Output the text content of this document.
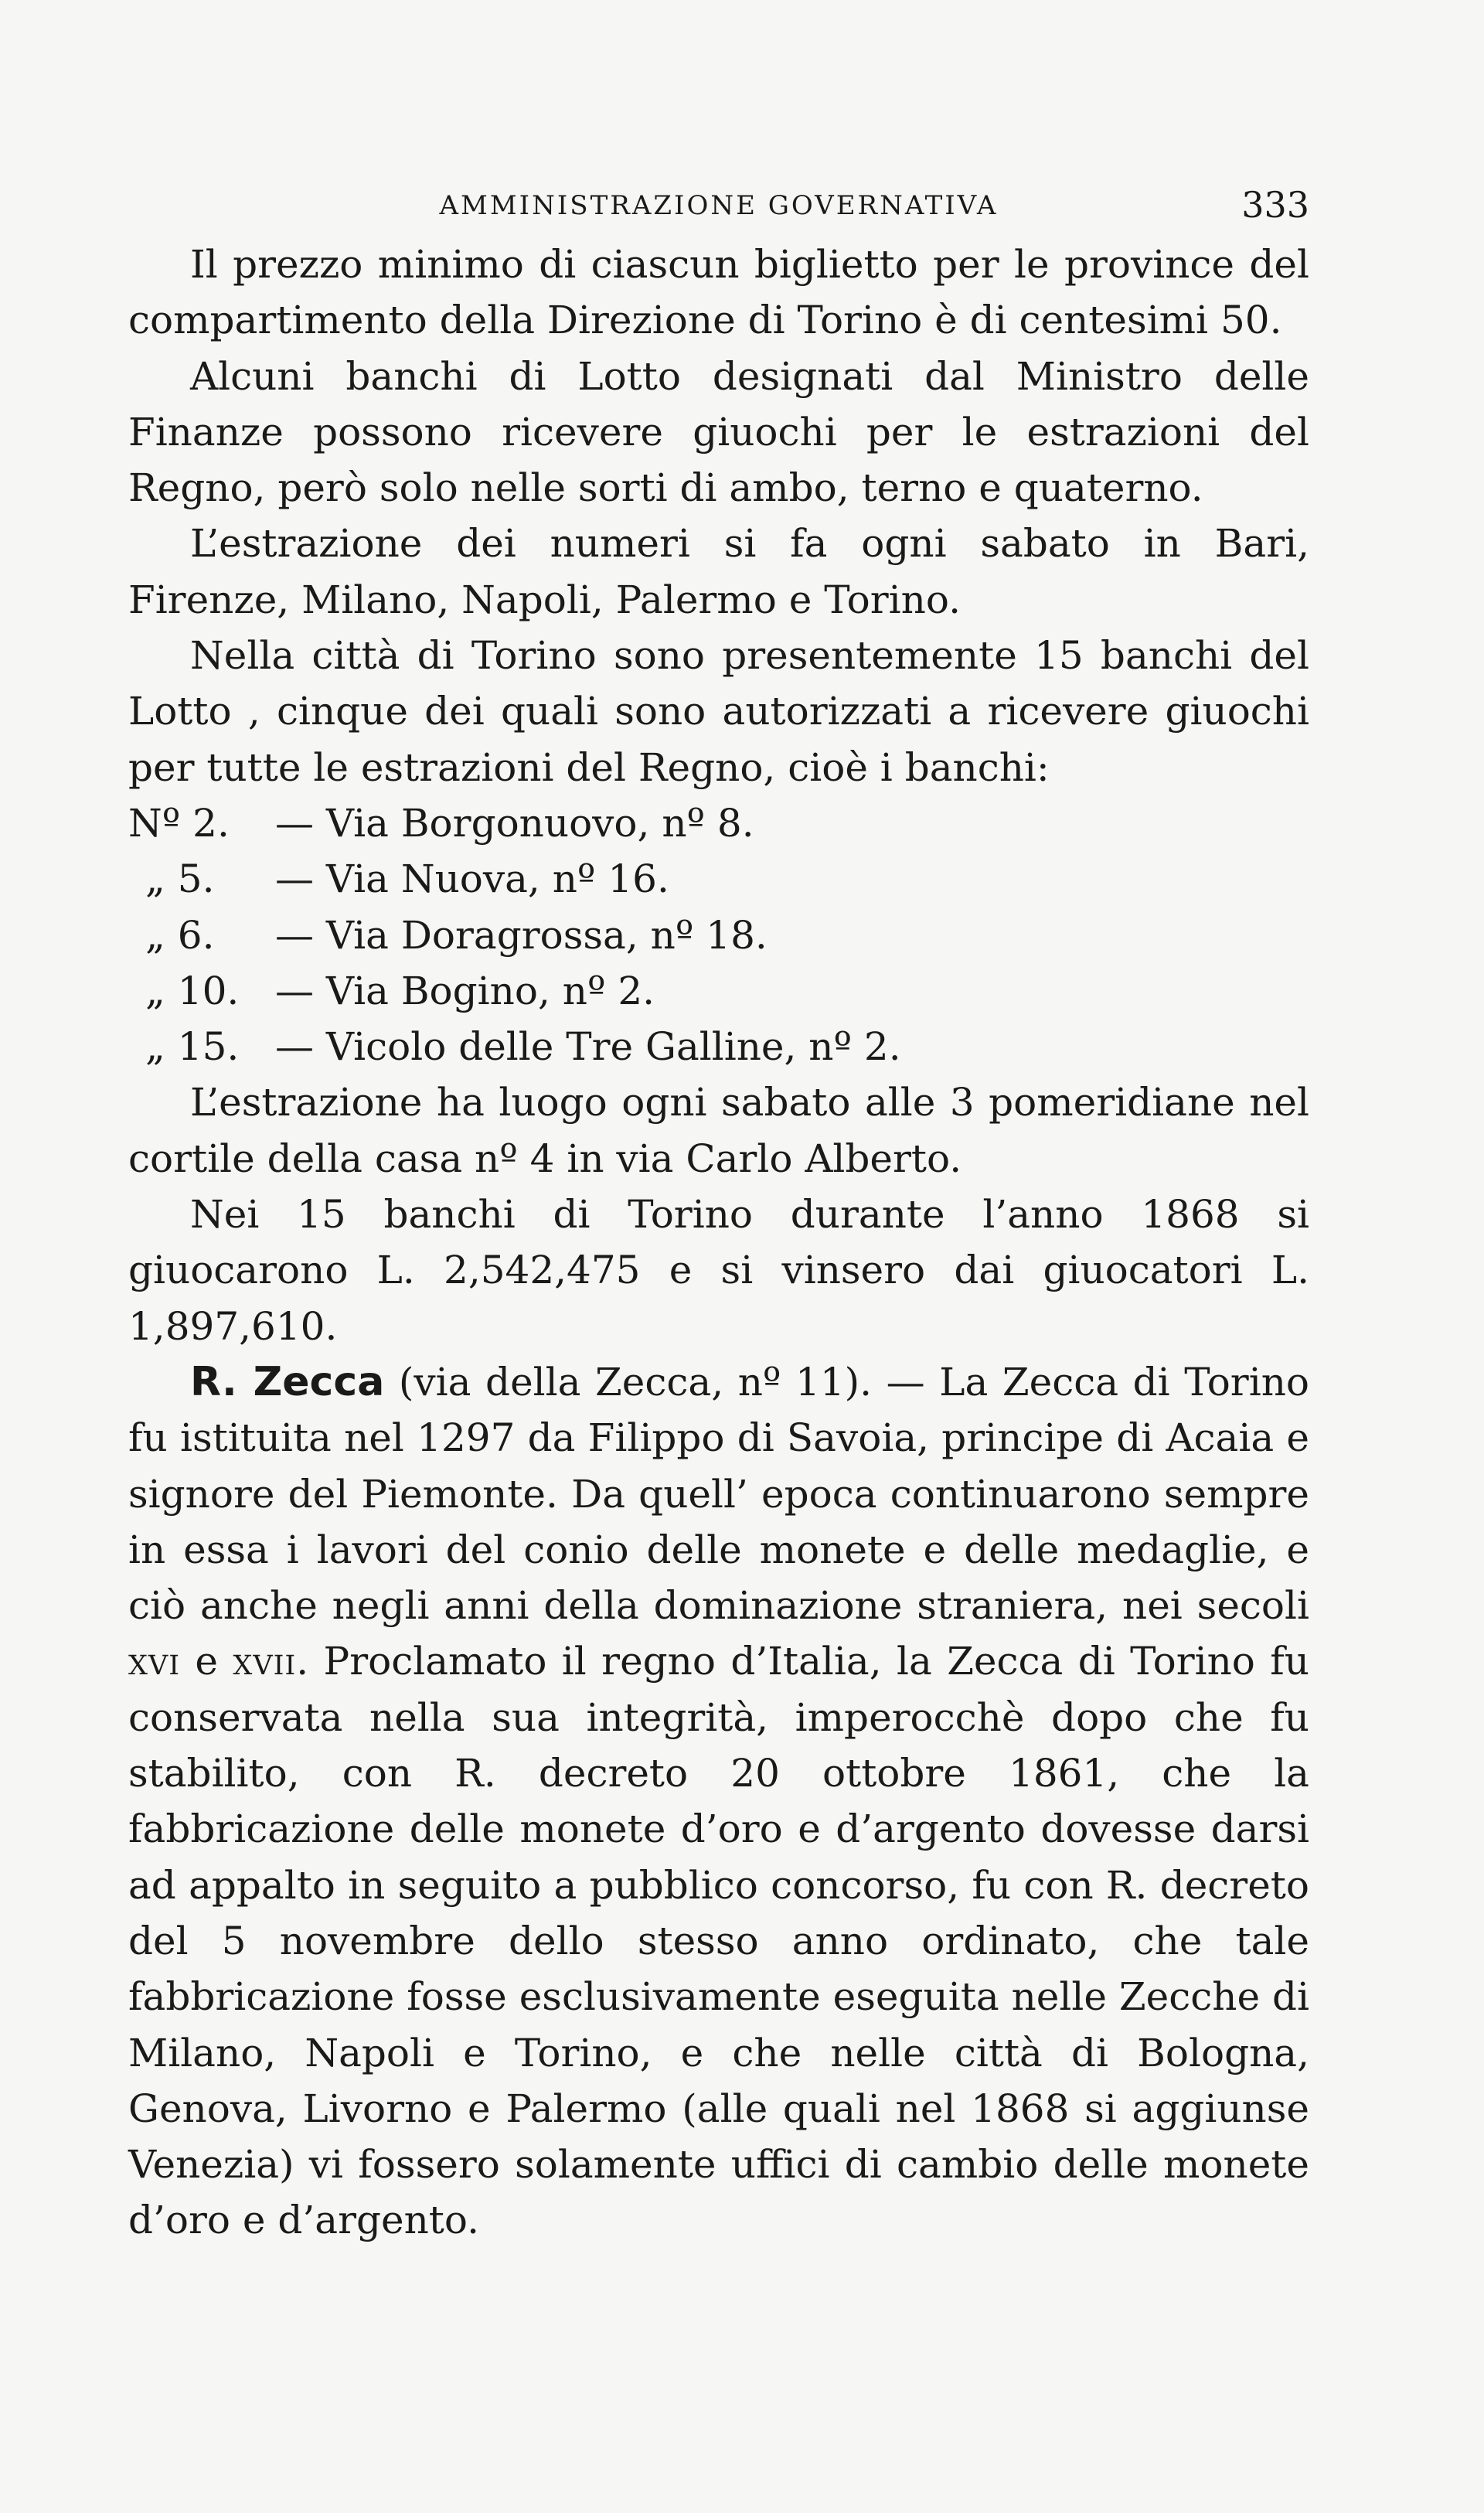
AMMINISTRAZIONE GOVERNATIVA	333

Il prezzo minimo di ciascun biglietto per le province del compartimento della Direzione di Torino è di centesimi 50.

Alcuni banchi di Lotto designati dal Ministro delle Finanze possono ricevere giuochi per le estrazioni del Regno, però solo nelle sorti di ambo, terno e quaterno.

L’estrazione dei numeri si fa ogni sabato in Bari, Firenze, Milano, Napoli, Palermo e Torino.

Nella città di Torino sono presentemente 15 banchi del Lotto , cinque dei quali sono autorizzati a ricevere giuochi per tutte le estrazioni del Regno, cioè i banchi:

Nº 2.	— Via Borgonuovo, nº 8.
„ 5.	— Via Nuova, nº 16.
„ 6.	— Via Doragrossa, nº 18.
„ 10. — Via Bogino, nº 2.
„ 15. — Vicolo delle Tre Galline, nº 2.

L’estrazione ha luogo ogni sabato alle 3 pomeridiane nel cortile della casa nº 4 in via Carlo Alberto.

Nei 15 banchi di Torino durante l’anno 1868 si giuocarono L. 2,542,475 e si vinsero dai giuocatori L. 1,897,610.

R. Zecca (via della Zecca, nº 11). — La Zecca di Torino fu istituita nel 1297 da Filippo di Savoia, principe di Acaia e signore del Piemonte. Da quell’ epoca continuarono sempre in essa i lavori del conio delle monete e delle medaglie, e ciò anche negli anni della dominazione straniera, nei secoli xvi e xvii. Proclamato il regno d’Italia, la Zecca di Torino fu conservata nella sua integrità, imperocchè dopo che fu stabilito, con R. decreto 20 ottobre 1861, che la fabbricazione delle monete d’oro e d’argento dovesse darsi ad appalto in seguito a pubblico concorso, fu con R. decreto del 5 novembre dello stesso anno ordinato, che tale fabbricazione fosse esclusivamente eseguita nelle Zecche di Milano, Napoli e Torino, e che nelle città di Bologna, Genova, Livorno e Palermo (alle quali nel 1868 si aggiunse Venezia) vi fossero solamente uffici di cambio delle monete d’oro e d’argento.
